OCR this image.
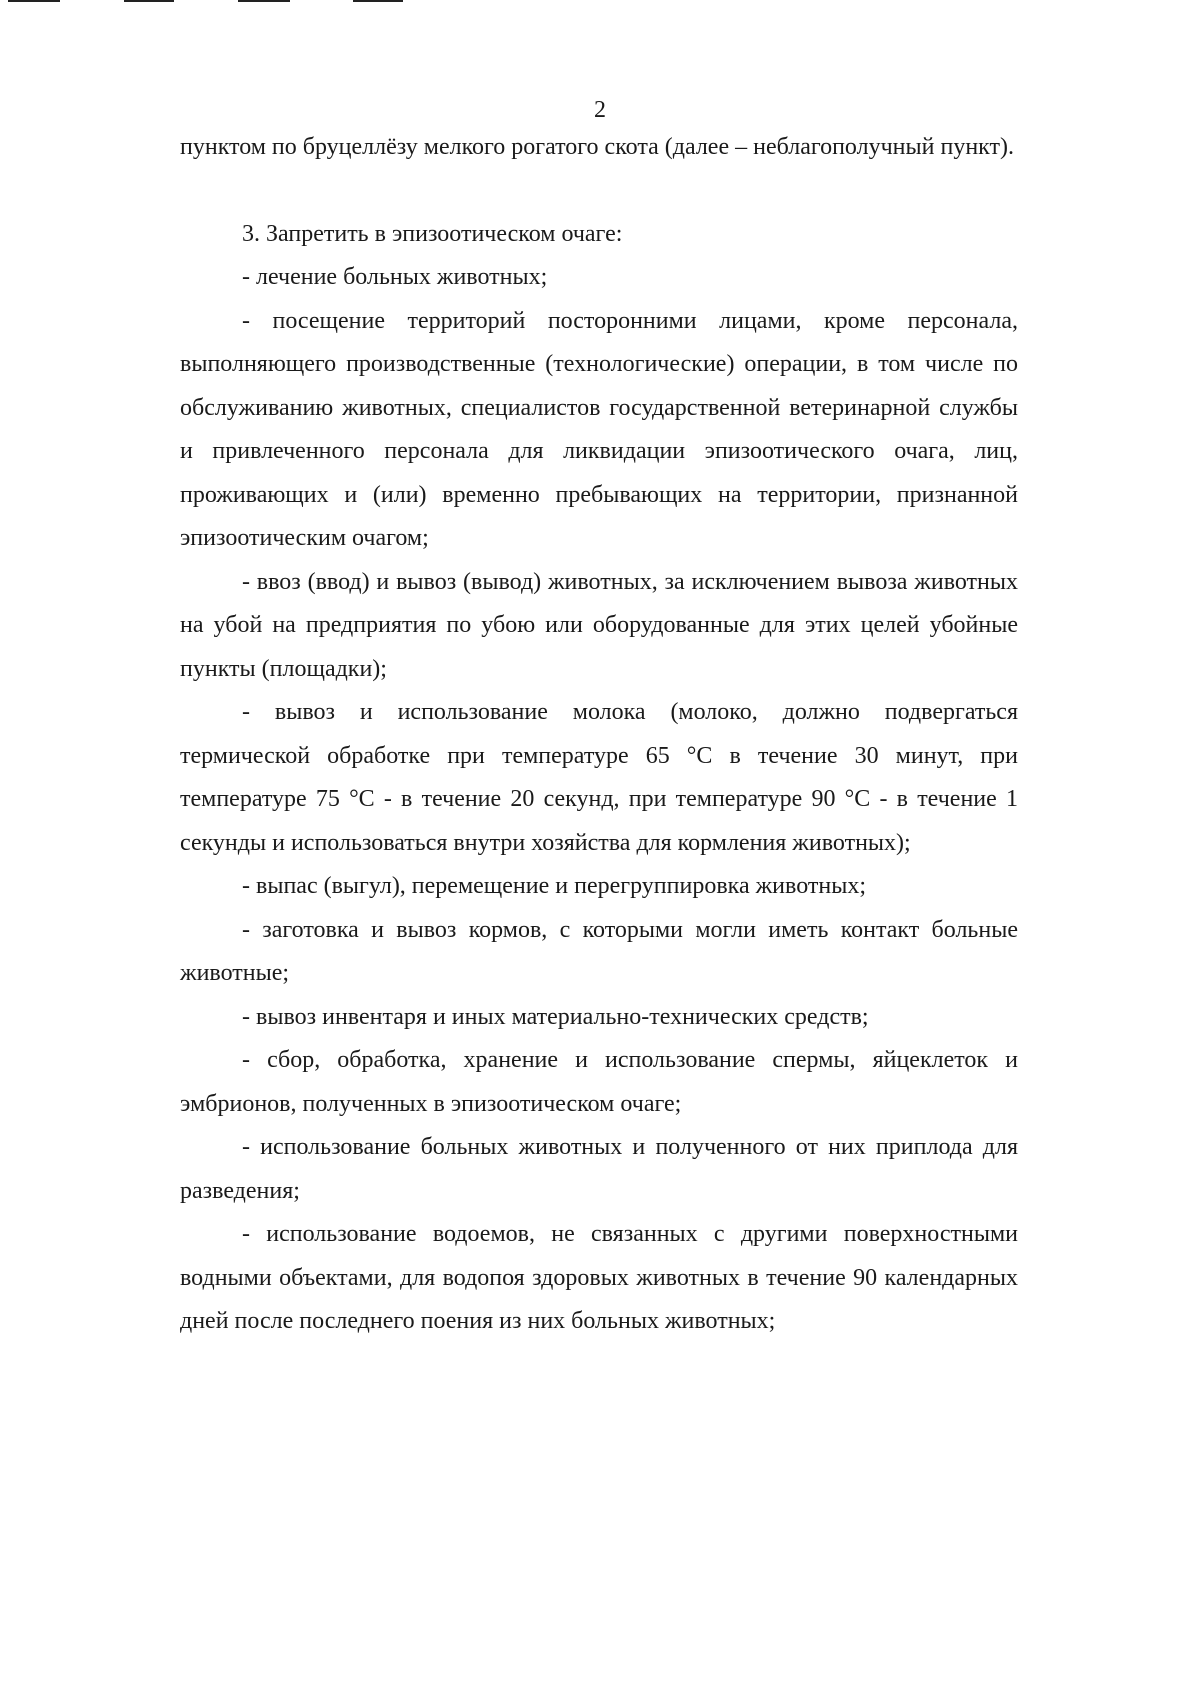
2

пунктом по бруцеллёзу мелкого рогатого скота (далее – неблагополучный пункт).

3. Запретить в эпизоотическом очаге:

- лечение больных животных;

- посещение территорий посторонними лицами, кроме персонала, выполняющего производственные (технологические) операции, в том числе по обслуживанию животных, специалистов государственной ветеринарной службы и привлеченного персонала для ликвидации эпизоотического очага, лиц, проживающих и (или) временно пребывающих на территории, признанной эпизоотическим очагом;

- ввоз (ввод) и вывоз (вывод) животных, за исключением вывоза животных на убой на предприятия по убою или оборудованные для этих целей убойные пункты (площадки);

- вывоз и использование молока (молоко, должно подвергаться термической обработке при температуре 65 °С в течение 30 минут, при температуре 75 °С - в течение 20 секунд, при температуре 90 °С - в течение 1 секунды и использоваться внутри хозяйства для кормления животных);

- выпас (выгул), перемещение и перегруппировка животных;

- заготовка и вывоз кормов, с которыми могли иметь контакт больные животные;

- вывоз инвентаря и иных материально-технических средств;

- сбор, обработка, хранение и использование спермы, яйцеклеток и эмбрионов, полученных в эпизоотическом очаге;

- использование больных животных и полученного от них приплода для разведения;

- использование водоемов, не связанных с другими поверхностными водными объектами, для водопоя здоровых животных в течение 90 календарных дней после последнего поения из них больных животных;
